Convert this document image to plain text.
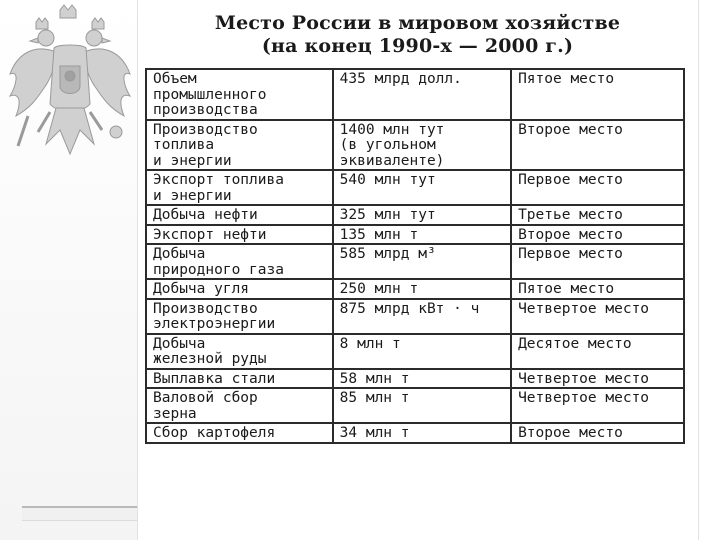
Место России в мировом хозяйстве
(на конец 1990-х — 2000 г.)
Объем
промышленного
производства	435 млрд долл.	Пятое место
Производство
топлива
и энергии	1400 млн тут
(в угольном
эквиваленте)	Второе место
Экспорт топлива
и энергии	540 млн тут	Первое место
Добыча нефти	325 млн тут	Третье место
Экспорт нефти	135 млн т	Второе место
Добыча
природного газа	585 млрд м³	Первое место
Добыча угля	250 млн т	Пятое место
Производство
электроэнергии	875 млрд кВт · ч	Четвертое место
Добыча
железной руды	8 млн т	Десятое место
Выплавка стали	58 млн т	Четвертое место
Валовой сбор
зерна	85 млн т	Четвертое место
Сбор картофеля	34 млн т	Второе место
